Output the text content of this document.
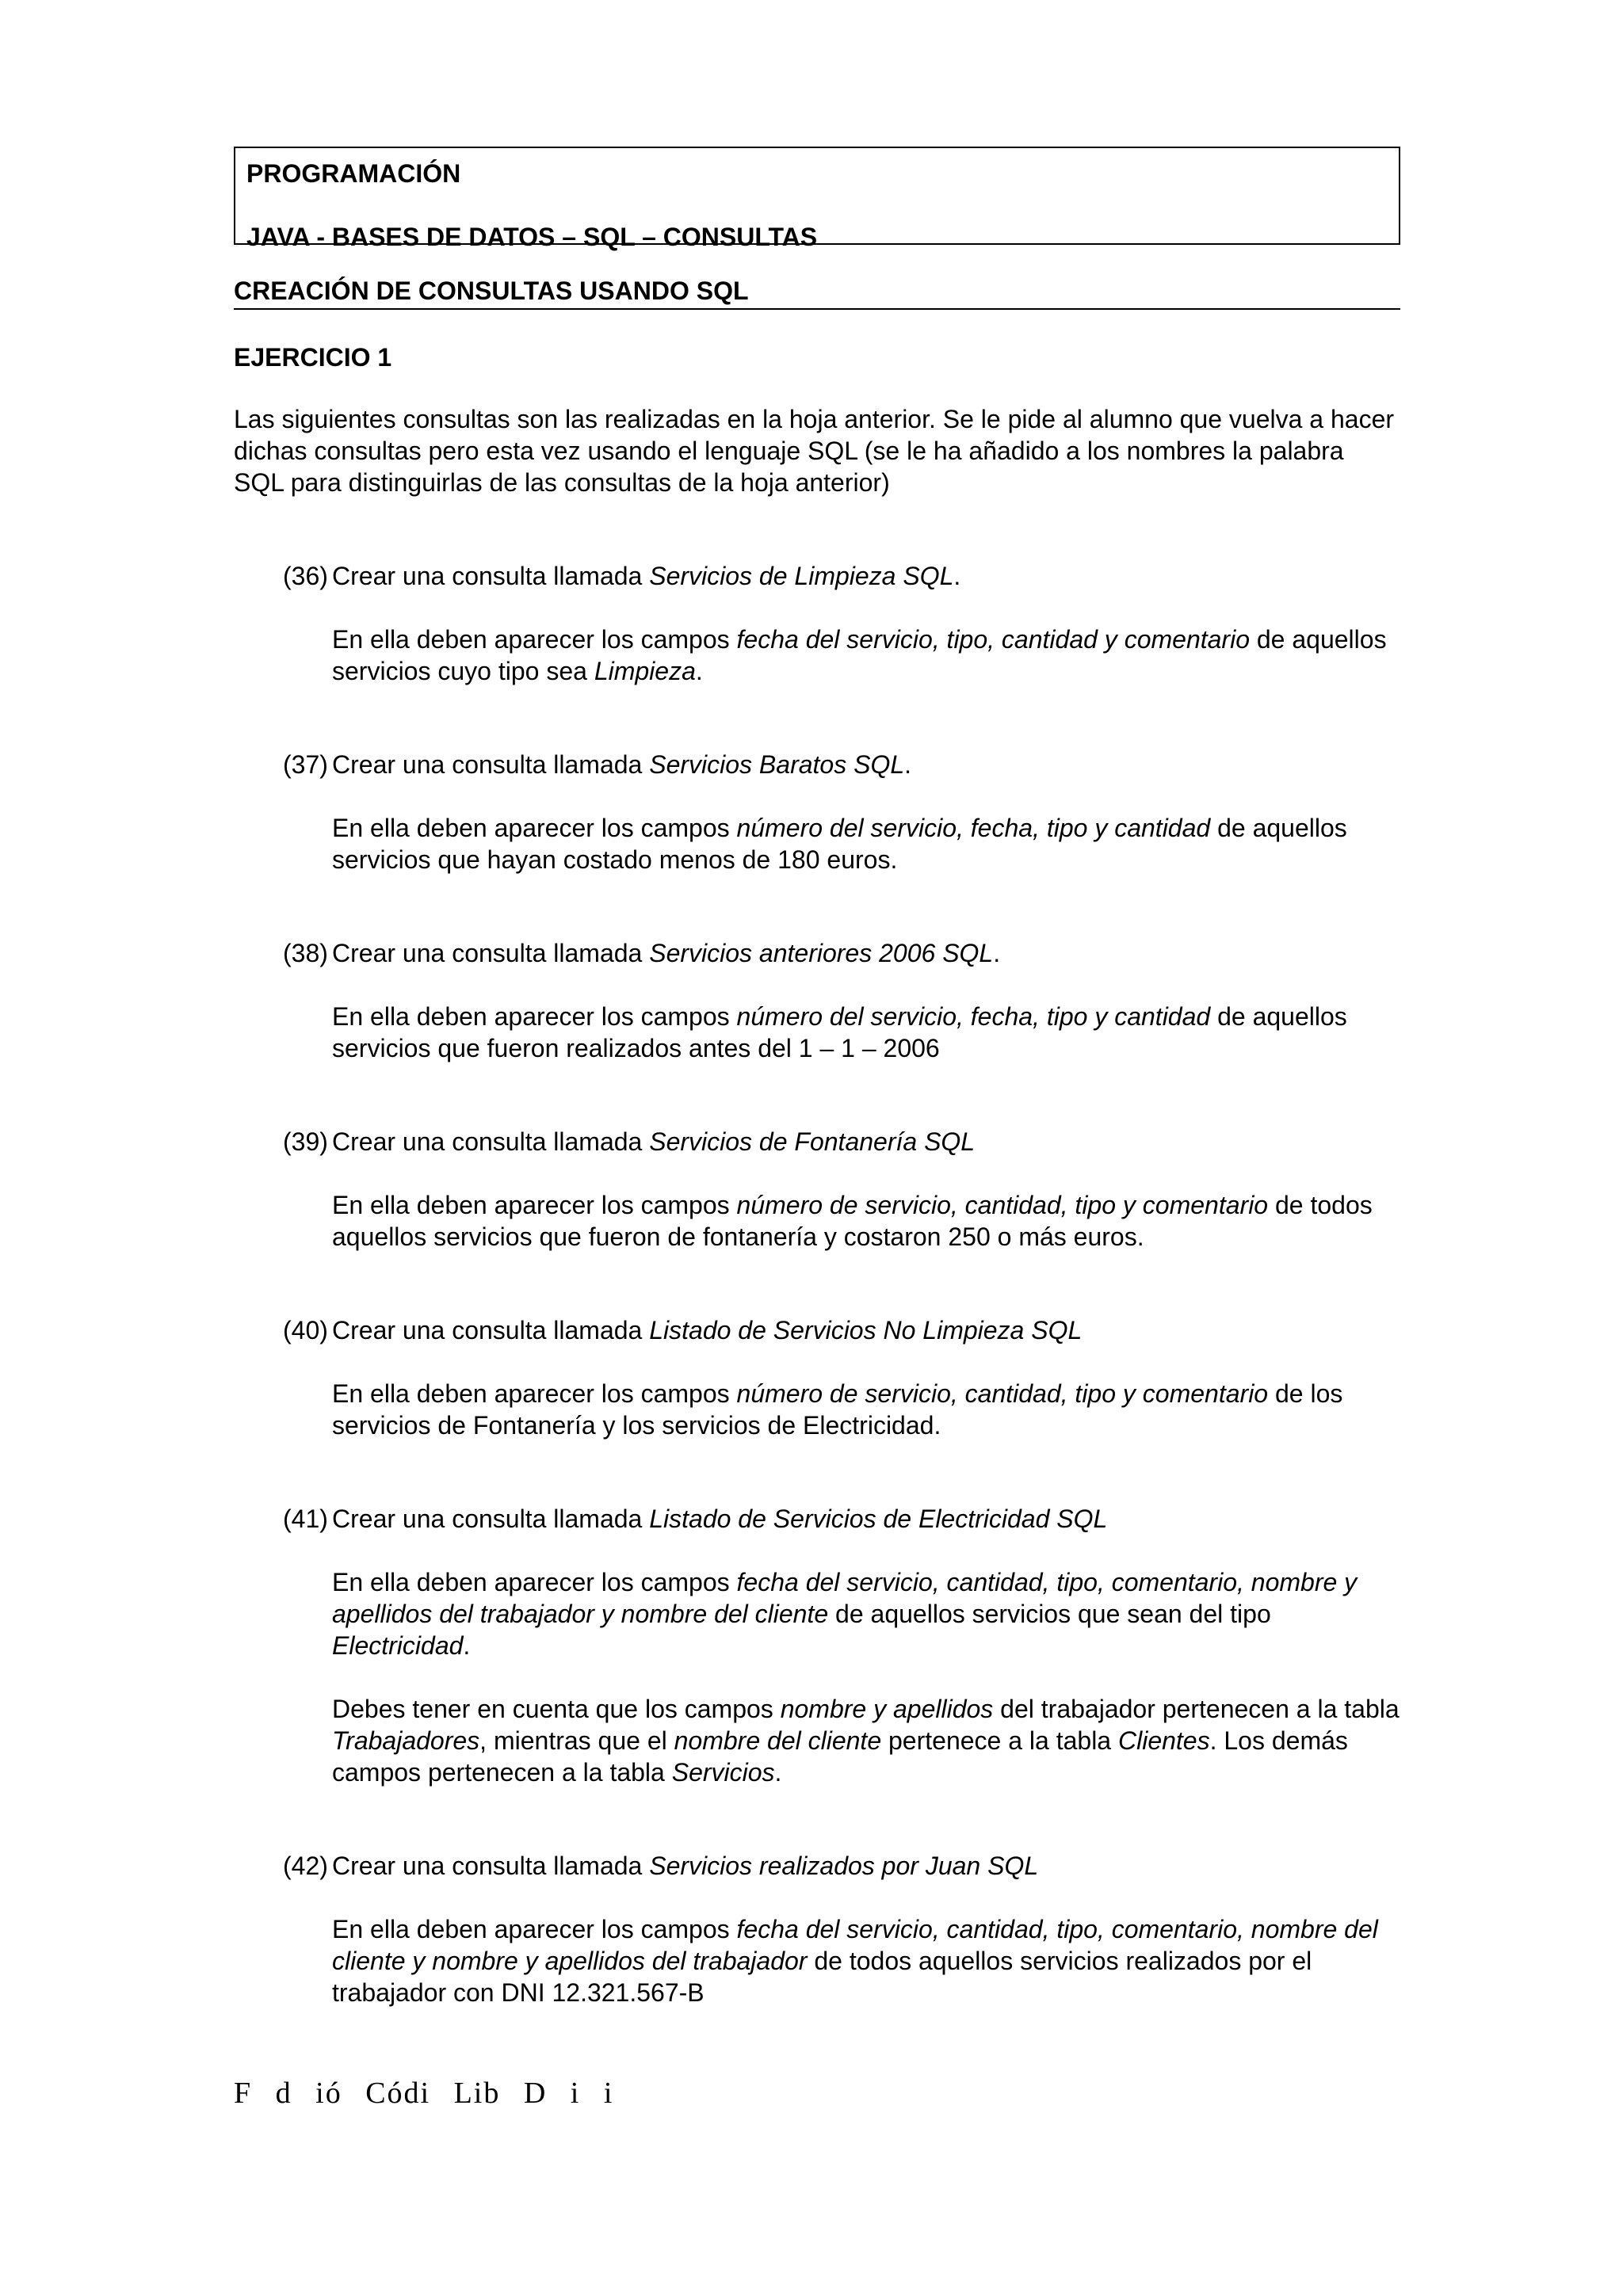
PROGRAMACIÓN
JAVA - BASES DE DATOS – SQL – CONSULTAS
CREACIÓN DE CONSULTAS USANDO SQL
EJERCICIO 1
Las siguientes consultas son las realizadas en la hoja anterior. Se le pide al alumno que vuelva a hacer dichas consultas pero esta vez usando el lenguaje SQL (se le ha añadido a los nombres la palabra SQL para distinguirlas de las consultas de la hoja anterior)
(36) Crear una consulta llamada Servicios de Limpieza SQL.
En ella deben aparecer los campos fecha del servicio, tipo, cantidad y comentario de aquellos servicios cuyo tipo sea Limpieza.
(37) Crear una consulta llamada Servicios Baratos SQL.
En ella deben aparecer los campos número del servicio, fecha, tipo y cantidad de aquellos servicios que hayan costado menos de 180 euros.
(38) Crear una consulta llamada Servicios anteriores 2006 SQL.
En ella deben aparecer los campos número del servicio, fecha, tipo y cantidad de aquellos servicios que fueron realizados antes del 1 – 1 – 2006
(39) Crear una consulta llamada Servicios de Fontanería SQL
En ella deben aparecer los campos número de servicio, cantidad, tipo y comentario de todos aquellos servicios que fueron de fontanería y costaron 250 o más euros.
(40) Crear una consulta llamada Listado de Servicios No Limpieza SQL
En ella deben aparecer los campos número de servicio, cantidad, tipo y comentario de los servicios de Fontanería y los servicios de Electricidad.
(41) Crear una consulta llamada Listado de Servicios de Electricidad SQL
En ella deben aparecer los campos fecha del servicio, cantidad, tipo, comentario, nombre y apellidos del trabajador y nombre del cliente de aquellos servicios que sean del tipo Electricidad.
Debes tener en cuenta que los campos nombre y apellidos del trabajador pertenecen a la tabla Trabajadores, mientras que el nombre del cliente pertenece a la tabla Clientes. Los demás campos pertenecen a la tabla Servicios.
(42) Crear una consulta llamada Servicios realizados por Juan SQL
En ella deben aparecer los campos fecha del servicio, cantidad, tipo, comentario, nombre del cliente y nombre y apellidos del trabajador de todos aquellos servicios realizados por el trabajador con DNI 12.321.567-B
F d ió Códi Lib D i i
